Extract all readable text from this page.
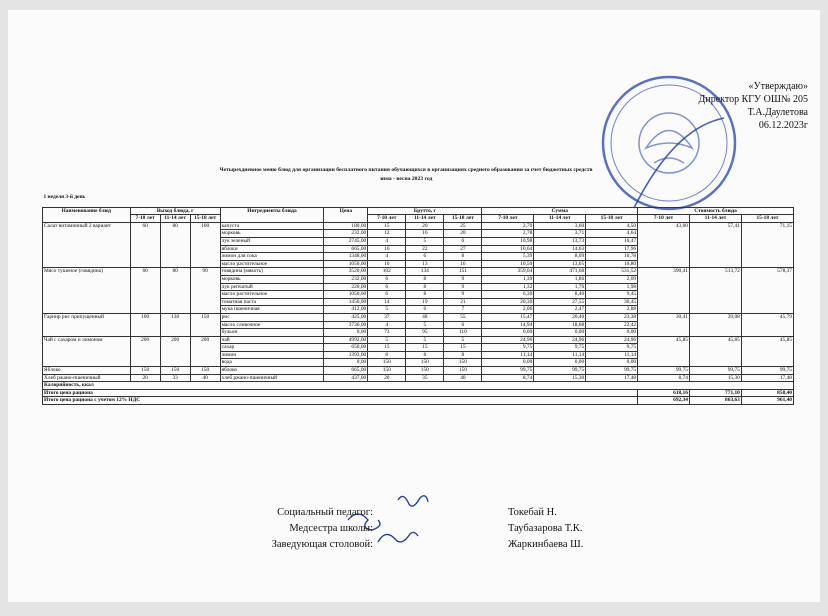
«Утверждаю»
Директор КГУ ОШ№ 205
Т.А.Даулетова
06.12.2023г
Четырехдневное меню блюд для организации бесплатного питания обучающихся в организациях среднего образования за счет бюджетных средств
зима - весна 2023 год
1 неделя 3-й день														
Наименование блюд	Выход блюда, г			Ингредиенты блюда	Цена	Брутто, г			Сумма			Стоимость блюда		
	7-10 лет	11-14 лет	15-18 лет			7-10 лет	11-14 лет	15-18 лет	7-10 лет	11-14 лет	15-18 лет	7-10 лет	11-14 лет	15-18 лет
Салат витаминный 2 вариант	60	80	100	капуста	180,00	15	20	25	2,70	3,60	4,50	43,00	57,41	71,15
				морковь	232,00	12	16	20	2,78	3,71	4,64			
				лук зеленый	2745,00	4	5	6	10,98	13,73	16,47			
				яблоки	665,00	16	22	27	10,64	14,63	17,96			
				лимон для сока	1348,00	4	6	8	5,39	8,09	10,78			
				масло растительное	1050,00	10	13	16	10,50	13,65	16,80			
Мясо тушеное (говядина)	60	80	90	говядина (мякоть)	3520,00	102	134	151	359,04	471,68	531,52	390,41	513,72	578,37
				морковь	232,00	6	8	9	1,39	1,86	2,09			
				лук репчатый	220,00	6	8	9	1,32	1,76	1,98			
				масло растительное	1050,00	6	8	9	6,30	8,40	9,45			
				томатная паста	1450,00	14	19	21	20,30	27,55	30,45			
				мука пшеничная	412,00	5	6	7	2,06	2,47	2,88			
Гарнир рис припущенный	100	130	150	рис	425,00	37	48	55	15,47	20,40	23,38	30,41	39,08	45,79
				масло сливочное	3736,00	4	5	6	14,94	18,68	22,42			
				бульон	0,00	73	95	110	0,00	0,00	0,00			
Чай с сахаром и лимоном	200	200	200	чай	4992,00	5	5	5	24,96	24,96	24,96	45,85	45,85	45,85
				сахар	650,00	15	15	15	9,75	9,75	9,75			
				лимон	1393,00	8	8	8	11,14	11,14	11,14			
				вода	0,00	150	150	150	0,00	0,00	0,00			
Яблоко	150	150	150	яблоко	665,00	150	150	150	99,75	99,75	99,75	99,75	99,75	99,75
Хлеб ржано-пшеничный	20	33	40	хлеб ржано-пшеничный	437,00	20	35	40	8,74	15,30	17,48	8,74	15,30	17,48
Калорийность, ккал														
Итого цена рациона												618,16	771,10	858,40
Итого цена рациона с учетом 12% НДС												692,34	863,63	961,40
Социальный педагог:
Медсестра школы:
Заведующая столовой:
Токебай Н.
Таубазарова Т.К.
Жаркинбаева Ш.
